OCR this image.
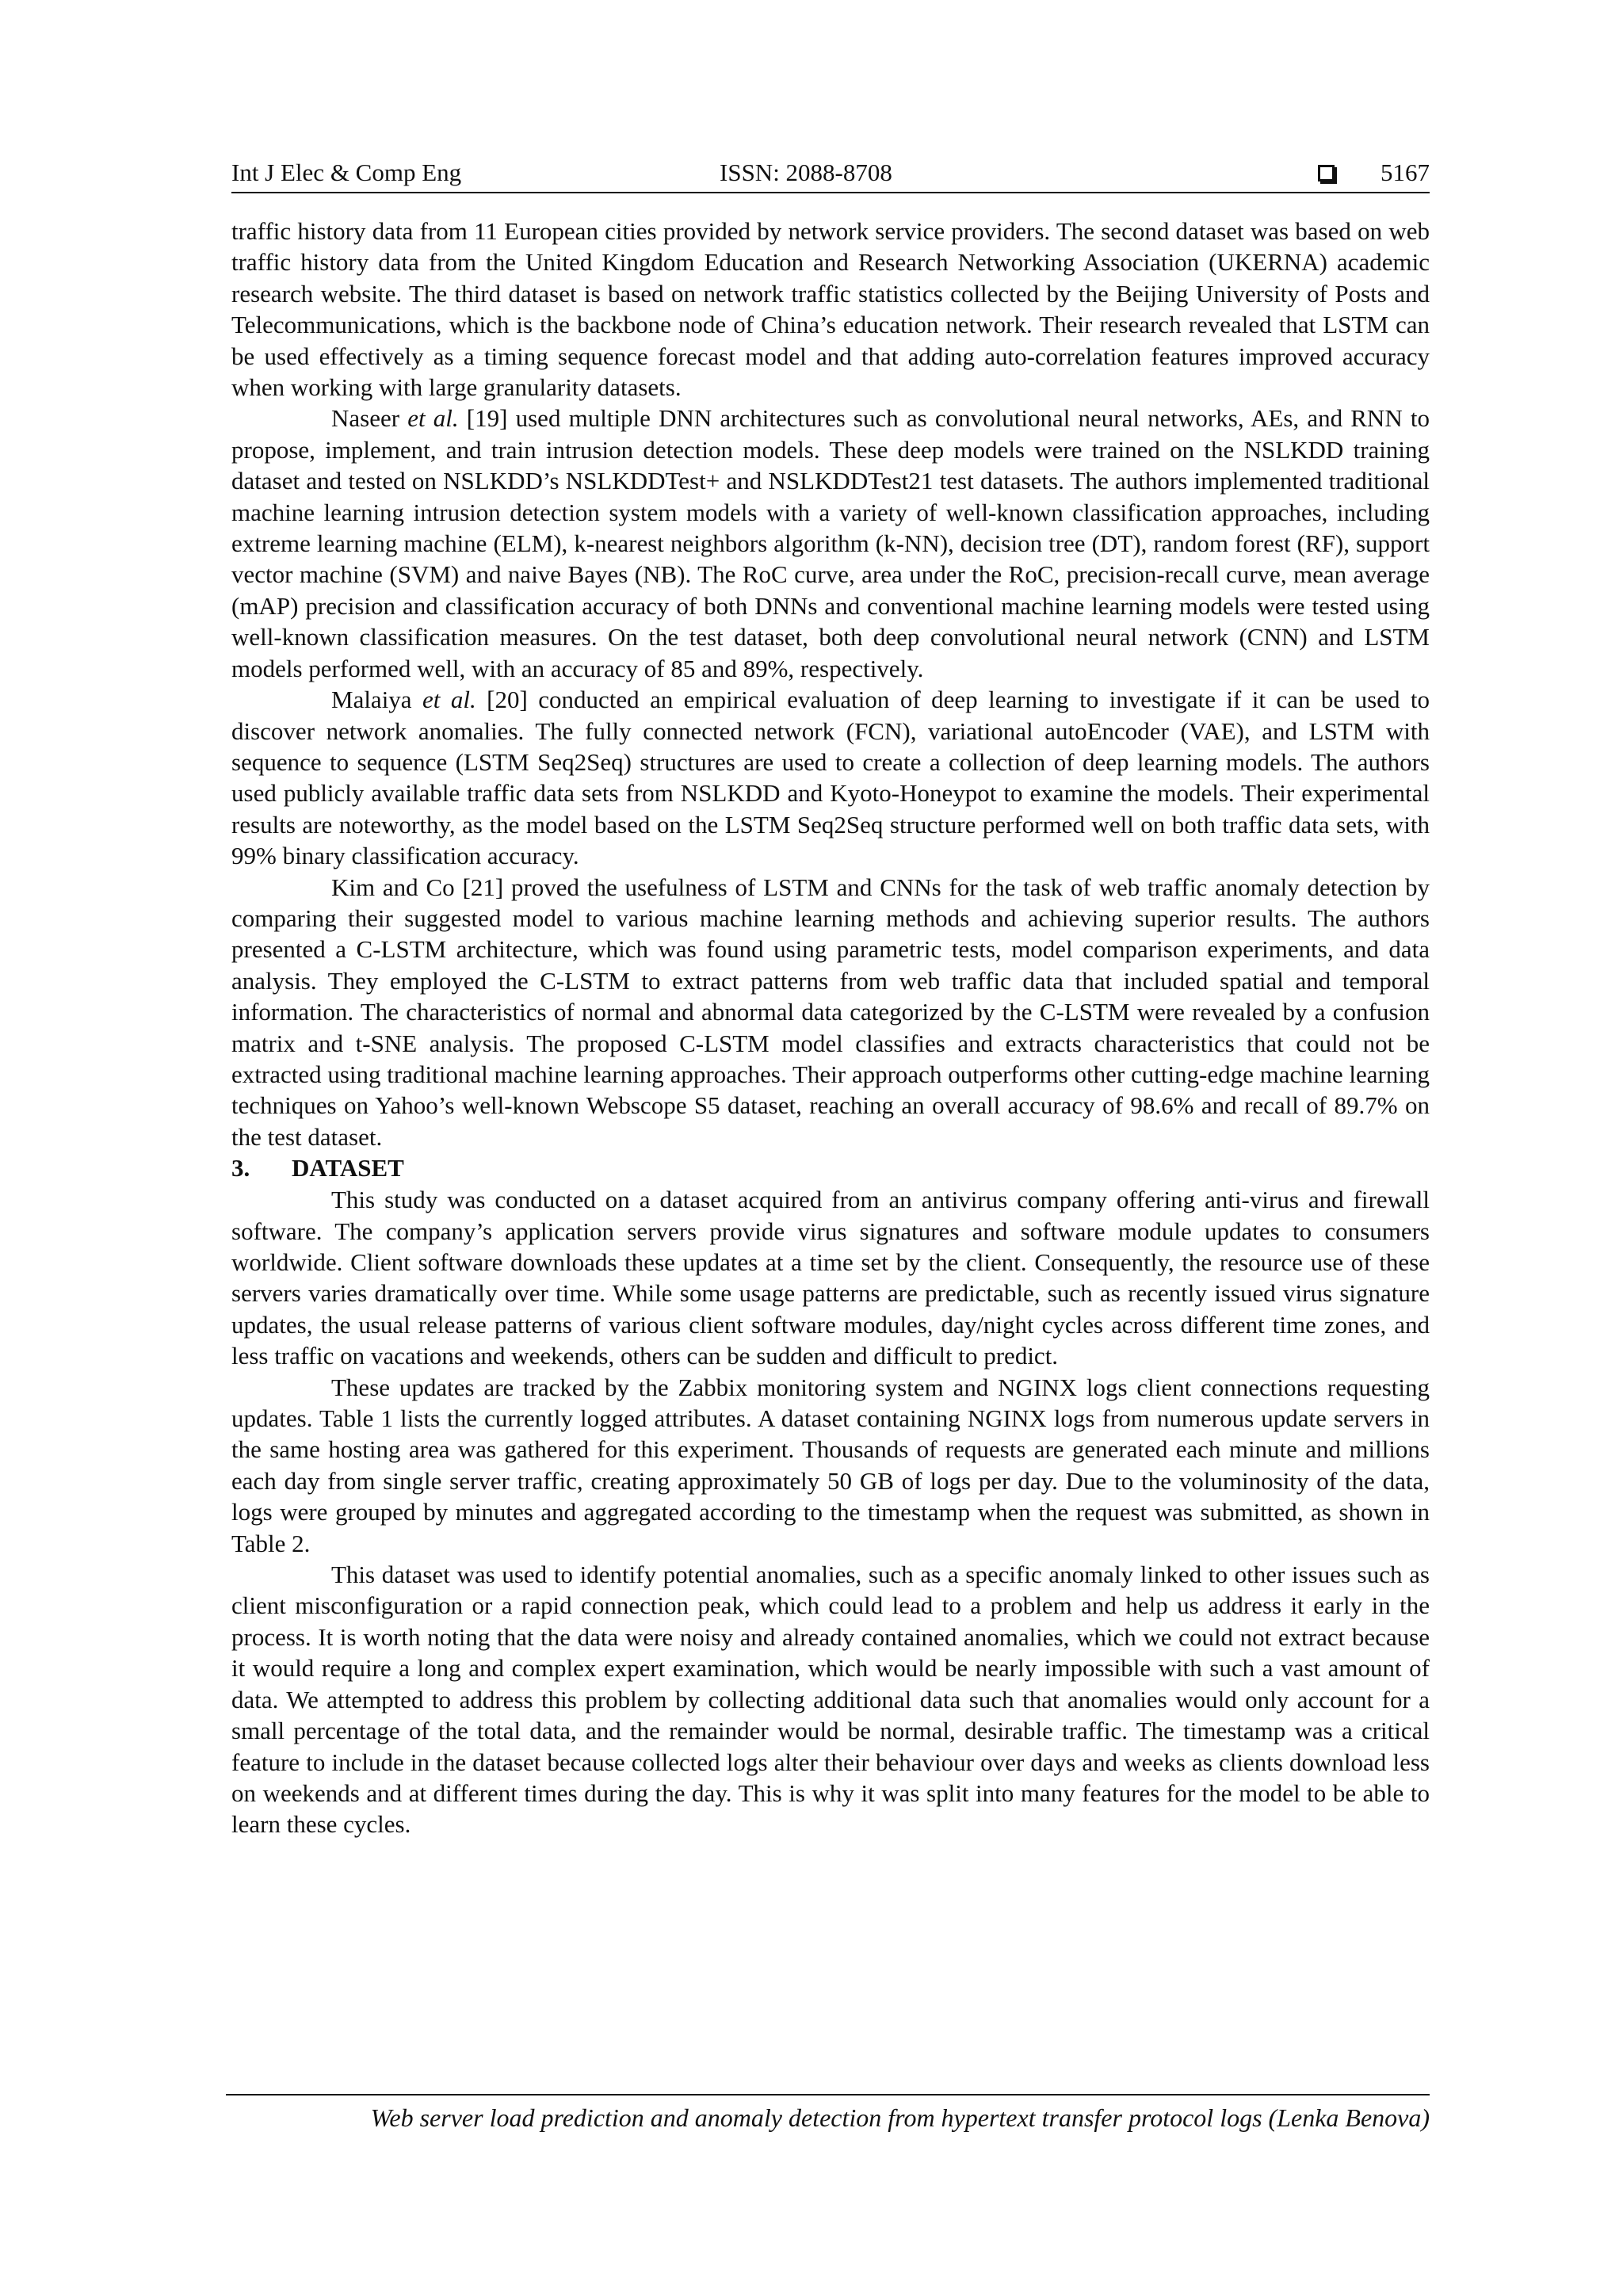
Int J Elec & Comp Eng	ISSN: 2088-8708	5167

traffic history data from 11 European cities provided by network service providers. The second dataset was based on web traffic history data from the United Kingdom Education and Research Networking Association (UKERNA) academic research website. The third dataset is based on network traffic statistics collected by the Beijing University of Posts and Telecommunications, which is the backbone node of China’s education network. Their research revealed that LSTM can be used effectively as a timing sequence forecast model and that adding auto-correlation features improved accuracy when working with large granularity datasets.

Naseer et al. [19] used multiple DNN architectures such as convolutional neural networks, AEs, and RNN to propose, implement, and train intrusion detection models. These deep models were trained on the NSLKDD training dataset and tested on NSLKDD’s NSLKDDTest+ and NSLKDDTest21 test datasets. The authors implemented traditional machine learning intrusion detection system models with a variety of well-known classification approaches, including extreme learning machine (ELM), k-nearest neighbors algorithm (k-NN), decision tree (DT), random forest (RF), support vector machine (SVM) and naive Bayes (NB). The RoC curve, area under the RoC, precision-recall curve, mean average (mAP) precision and classification accuracy of both DNNs and conventional machine learning models were tested using well-known classification measures. On the test dataset, both deep convolutional neural network (CNN) and LSTM models performed well, with an accuracy of 85 and 89%, respectively.

Malaiya et al. [20] conducted an empirical evaluation of deep learning to investigate if it can be used to discover network anomalies. The fully connected network (FCN), variational autoEncoder (VAE), and LSTM with sequence to sequence (LSTM Seq2Seq) structures are used to create a collection of deep learning models. The authors used publicly available traffic data sets from NSLKDD and Kyoto-Honeypot to examine the models. Their experimental results are noteworthy, as the model based on the LSTM Seq2Seq structure performed well on both traffic data sets, with 99% binary classification accuracy.

Kim and Co [21] proved the usefulness of LSTM and CNNs for the task of web traffic anomaly detection by comparing their suggested model to various machine learning methods and achieving superior results. The authors presented a C-LSTM architecture, which was found using parametric tests, model comparison experiments, and data analysis. They employed the C-LSTM to extract patterns from web traffic data that included spatial and temporal information. The characteristics of normal and abnormal data categorized by the C-LSTM were revealed by a confusion matrix and t-SNE analysis. The proposed C-LSTM model classifies and extracts characteristics that could not be extracted using traditional machine learning approaches. Their approach outperforms other cutting-edge machine learning techniques on Yahoo’s well-known Webscope S5 dataset, reaching an overall accuracy of 98.6% and recall of 89.7% on the test dataset.

3. DATASET

This study was conducted on a dataset acquired from an antivirus company offering anti-virus and firewall software. The company’s application servers provide virus signatures and software module updates to consumers worldwide. Client software downloads these updates at a time set by the client. Consequently, the resource use of these servers varies dramatically over time. While some usage patterns are predictable, such as recently issued virus signature updates, the usual release patterns of various client software modules, day/night cycles across different time zones, and less traffic on vacations and weekends, others can be sudden and difficult to predict.

These updates are tracked by the Zabbix monitoring system and NGINX logs client connections requesting updates. Table 1 lists the currently logged attributes. A dataset containing NGINX logs from numerous update servers in the same hosting area was gathered for this experiment. Thousands of requests are generated each minute and millions each day from single server traffic, creating approximately 50 GB of logs per day. Due to the voluminosity of the data, logs were grouped by minutes and aggregated according to the timestamp when the request was submitted, as shown in Table 2.

This dataset was used to identify potential anomalies, such as a specific anomaly linked to other issues such as client misconfiguration or a rapid connection peak, which could lead to a problem and help us address it early in the process. It is worth noting that the data were noisy and already contained anomalies, which we could not extract because it would require a long and complex expert examination, which would be nearly impossible with such a vast amount of data. We attempted to address this problem by collecting additional data such that anomalies would only account for a small percentage of the total data, and the remainder would be normal, desirable traffic. The timestamp was a critical feature to include in the dataset because collected logs alter their behaviour over days and weeks as clients download less on weekends and at different times during the day. This is why it was split into many features for the model to be able to learn these cycles.

Web server load prediction and anomaly detection from hypertext transfer protocol logs (Lenka Benova)
